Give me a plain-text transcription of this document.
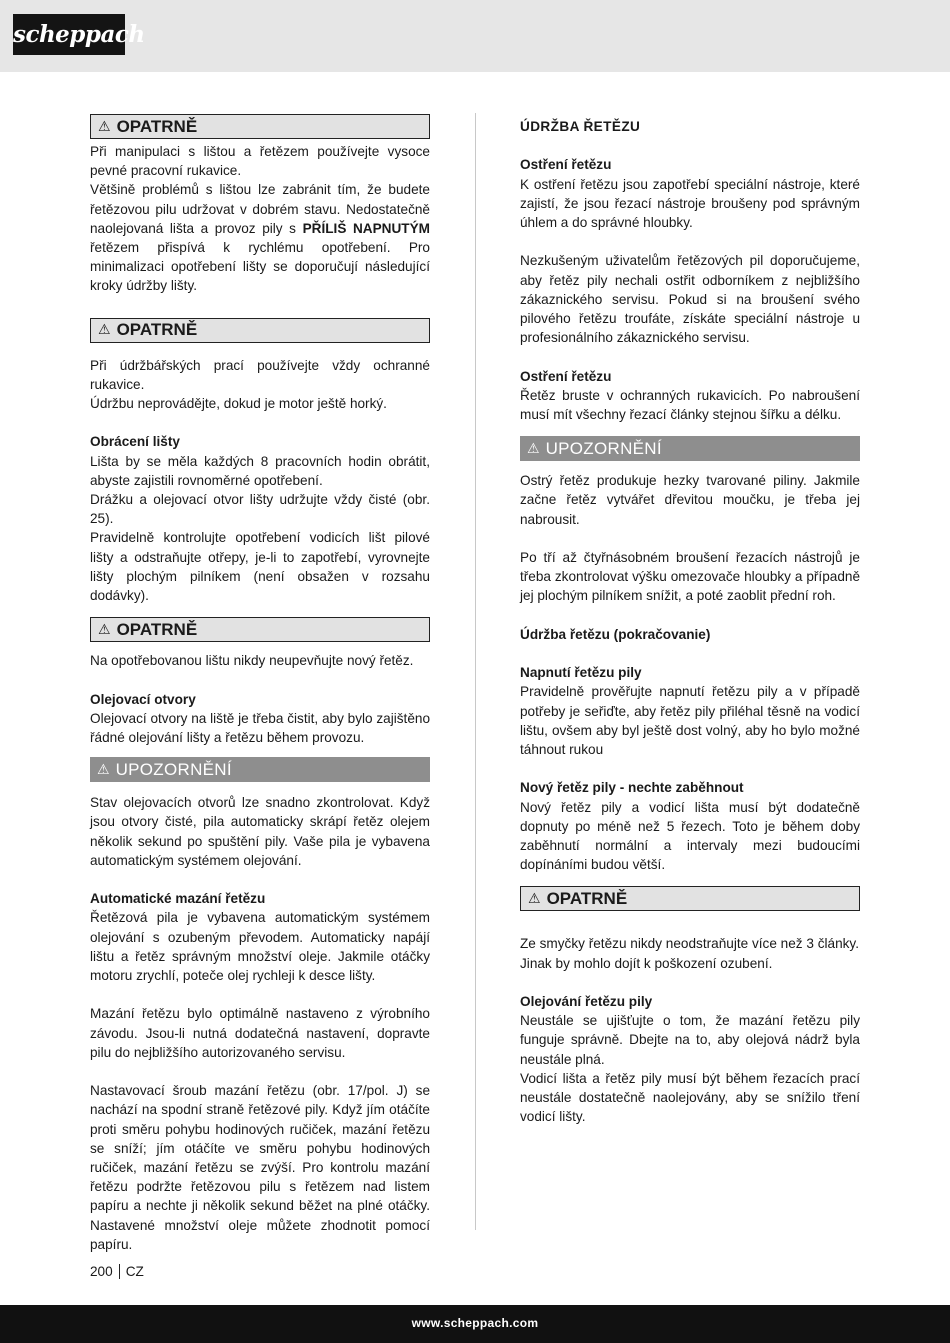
scheppach
⚠ OPATRNĚ

Při manipulaci s lištou a řetězem používejte vysoce pevné pracovní rukavice.

Většině problémů s lištou lze zabránit tím, že budete řetězovou pilu udržovat v dobrém stavu. Nedostatečně naolejovaná lišta a provoz pily s PŘÍLIŠ NAPNUTÝM řetězem přispívá k rychlému opotřebení. Pro minimalizaci opotřebení lišty se doporučují následující kroky údržby lišty.

⚠ OPATRNĚ

Při údržbářských prací používejte vždy ochranné rukavice.

Údržbu neprovádějte, dokud je motor ještě horký.

Obrácení lišty

Lišta by se měla každých 8 pracovních hodin obrátit, abyste zajistili rovnoměrné opotřebení.

Drážku a olejovací otvor lišty udržujte vždy čisté (obr. 25).

Pravidelně kontrolujte opotřebení vodicích lišt pilové lišty a odstraňujte otřepy, je-li to zapotřebí, vyrovnejte lišty plochým pilníkem (není obsažen v rozsahu dodávky).

⚠ OPATRNĚ

Na opotřebovanou lištu nikdy neupevňujte nový řetěz.

Olejovací otvory

Olejovací otvory na liště je třeba čistit, aby bylo zajištěno řádné olejování lišty a řetězu během provozu.

⚠ UPOZORNĚNÍ

Stav olejovacích otvorů lze snadno zkontrolovat. Když jsou otvory čisté, pila automaticky skrápí řetěz olejem několik sekund po spuštění pily. Vaše pila je vybavena automatickým systémem olejování.

Automatické mazání řetězu

Řetězová pila je vybavena automatickým systémem olejování s ozubeným převodem. Automaticky napájí lištu a řetěz správným množství oleje. Jakmile otáčky motoru zrychlí, poteče olej rychleji k desce lišty.

Mazání řetězu bylo optimálně nastaveno z výrobního závodu. Jsou-li nutná dodatečná nastavení, dopravte pilu do nejbližšího autorizovaného servisu.

Nastavovací šroub mazání řetězu (obr. 17/pol. J) se nachází na spodní straně řetězové pily. Když jím otáčíte proti směru pohybu hodinových ručiček, mazání řetězu se sníží; jím otáčíte ve směru pohybu hodinových ručiček, mazání řetězu se zvýší. Pro kontrolu mazání řetězu podržte řetězovou pilu s řetězem nad listem papíru a nechte ji několik sekund běžet na plné otáčky. Nastavené množství oleje můžete zhodnotit pomocí papíru.

ÚDRŽBA ŘETĚZU

Ostření řetězu

K ostření řetězu jsou zapotřebí speciální nástroje, které zajistí, že jsou řezací nástroje broušeny pod správným úhlem a do správné hloubky.

Nezkušeným uživatelům řetězových pil doporučujeme, aby řetěz pily nechali ostřit odborníkem z nejbližšího zákaznického servisu. Pokud si na broušení svého pilového řetězu troufáte, získáte speciální nástroje u profesionálního zákaznického servisu.

Ostření řetězu

Řetěz bruste v ochranných rukavicích. Po nabroušení musí mít všechny řezací články stejnou šířku a délku.

⚠ UPOZORNĚNÍ

Ostrý řetěz produkuje hezky tvarované piliny. Jakmile začne řetěz vytvářet dřevitou moučku, je třeba jej nabrousit.

Po tří až čtyřnásobném broušení řezacích nástrojů je třeba zkontrolovat výšku omezovače hloubky a případně jej plochým pilníkem snížit, a poté zaoblit přední roh.

Údržba řetězu (pokračovanie)

Napnutí řetězu pily

Pravidelně prověřujte napnutí řetězu pily a v případě potřeby je seřiďte, aby řetěz pily přiléhal těsně na vodicí lištu, ovšem aby byl ještě dost volný, aby ho bylo možné táhnout rukou

Nový řetěz pily - nechte zaběhnout

Nový řetěz pily a vodicí lišta musí být dodatečně dopnuty po méně než 5 řezech. Toto je během doby zaběhnutí normální a intervaly mezi budoucími dopínáními budou větší.

⚠ OPATRNĚ

Ze smyčky řetězu nikdy neodstraňujte více než 3 články.

Jinak by mohlo dojít k poškození ozubení.

Olejování řetězu pily

Neustále se ujišťujte o tom, že mazání řetězu pily funguje správně. Dbejte na to, aby olejová nádrž byla neustále plná.

Vodicí lišta a řetěz pily musí být během řezacích prací neustále dostatečně naolejovány, aby se snížilo tření vodicí lišty.

200 CZ
www.scheppach.com
